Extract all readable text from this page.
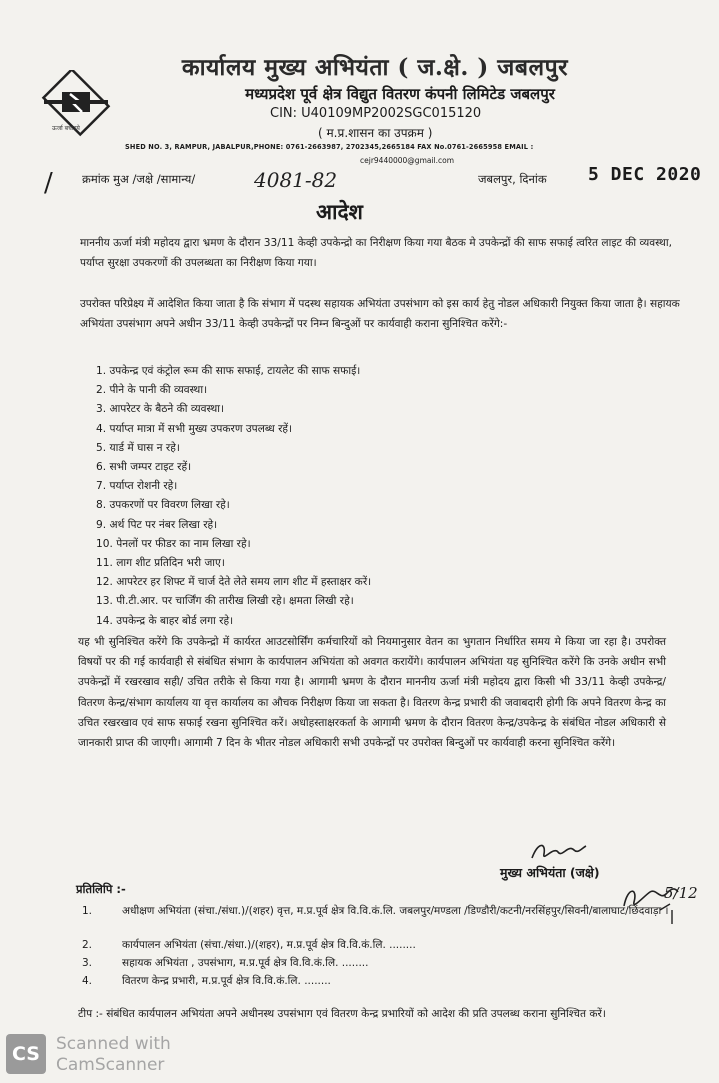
ऊर्जा बचाइये
कार्यालय मुख्य अभियंता ( ज.क्षे. ) जबलपुर
मध्यप्रदेश पूर्व क्षेत्र विद्युत वितरण कंपनी लिमिटेड जबलपुर
CIN: U40109MP2002SGC015120
( म.प्र.शासन का उपक्रम )
SHED NO. 3, RAMPUR, JABALPUR,PHONE: 0761-2663987, 2702345,2665184 FAX No.0761-2665958 EMAIL :
cejr9440000@gmail.com
/	क्रमांक मुअ /जक्षे /सामान्य/	4081-82	जबलपुर, दिनांक 5 DEC 2020
आदेश
माननीय ऊर्जा मंत्री महोदय द्वारा भ्रमण के दौरान 33/11 केव्ही उपकेन्द्रो का निरीक्षण किया गया बैठक मे उपकेन्द्रों की साफ सफाई त्वरित लाइट की व्यवस्था, पर्याप्त सुरक्षा उपकरणों की उपलब्धता का निरीक्षण किया गया।
उपरोक्त परिप्रेक्ष्य में आदेशित किया जाता है कि संभाग में पदस्थ सहायक अभियंता उपसंभाग को इस कार्य हेतु नोडल अधिकारी नियुक्त किया जाता है। सहायक अभियंता उपसंभाग अपने अधीन 33/11 केव्ही उपकेन्द्रों पर निम्न बिन्दुओं पर कार्यवाही कराना सुनिश्चित करेंगे:-
1. उपकेन्द्र एवं कंट्रोल रूम की साफ सफाई, टायलेट की साफ सफाई।
2. पीने के पानी की व्यवस्था।
3. आपरेटर के बैठने की व्यवस्था।
4. पर्याप्त मात्रा में सभी मुख्य उपकरण उपलब्ध रहें।
5. यार्ड में घास न रहे।
6. सभी जम्पर टाइट रहें।
7. पर्याप्त रोशनी रहे।
8. उपकरणों पर विवरण लिखा रहे।
9. अर्थ पिट पर नंबर लिखा रहे।
10. पेनलों पर फीडर का नाम लिखा रहे।
11. लाग शीट प्रतिदिन भरी जाए।
12. आपरेटर हर शिफ्ट में चार्ज देते लेते समय लाग शीट में हस्ताक्षर करें।
13. पी.टी.आर. पर चार्जिंग की तारीख लिखी रहे। क्षमता लिखी रहे।
14. उपकेन्द्र के बाहर बोर्ड लगा रहे।
यह भी सुनिश्चित करेंगे कि उपकेन्द्रो में कार्यरत आउटसोर्सिंग कर्मचारियों को नियमानुसार वेतन का भुगतान निर्धारित समय मे किया जा रहा है। उपरोक्त विषयों पर की गई कार्यवाही से संबंधित संभाग के कार्यपालन अभियंता को अवगत करायेंगे। कार्यपालन अभियंता यह सुनिश्चित करेंगे कि उनके अधीन सभी उपकेन्द्रों में रखरखाव सही/ उचित तरीके से किया गया है। आगामी भ्रमण के दौरान माननीय ऊर्जा मंत्री महोदय द्वारा किसी भी 33/11 केव्ही उपकेन्द्र/वितरण केन्द्र/संभाग कार्यालय या वृत्त कार्यालय का औचक निरीक्षण किया जा सकता है। वितरण केन्द्र प्रभारी की जवाबदारी होगी कि अपने वितरण केन्द्र का उचित रखरखाव एवं साफ सफाई रखना सुनिश्चित करें। अधोहस्ताक्षरकर्ता के आगामी भ्रमण के दौरान वितरण केन्द्र/उपकेन्द्र के संबंधित नोडल अधिकारी से जानकारी प्राप्त की जाएगी। आगामी 7 दिन के भीतर नोडल अधिकारी सभी उपकेन्द्रों पर उपरोक्त बिन्दुओं पर कार्यवाही करना सुनिश्चित करेंगे।
मुख्य अभियंता (जक्षे)
5/12
प्रतिलिपि :-
1.	अधीक्षण अभियंता (संचा./संधा.)/(शहर) वृत्त, म.प्र.पूर्व क्षेत्र वि.वि.कं.लि. जबलपुर/मण्डला /डिण्डौरी/कटनी/नरसिंहपुर/सिवनी/बालाघाट/छिंदवाड़ा ।
2.	कार्यपालन अभियंता (संचा./संधा.)/(शहर), म.प्र.पूर्व क्षेत्र वि.वि.कं.लि. ........
3.	सहायक अभियंता , उपसंभाग, म.प्र.पूर्व क्षेत्र वि.वि.कं.लि. ........
4.	वितरण केन्द्र प्रभारी, म.प्र.पूर्व क्षेत्र वि.वि.कं.लि. ........
टीप :- संबंधित कार्यपालन अभियंता अपने अधीनस्थ उपसंभाग एवं वितरण केन्द्र प्रभारियों को आदेश की प्रति उपलब्ध कराना सुनिश्चित करें।
CS Scanned with
CamScanner
